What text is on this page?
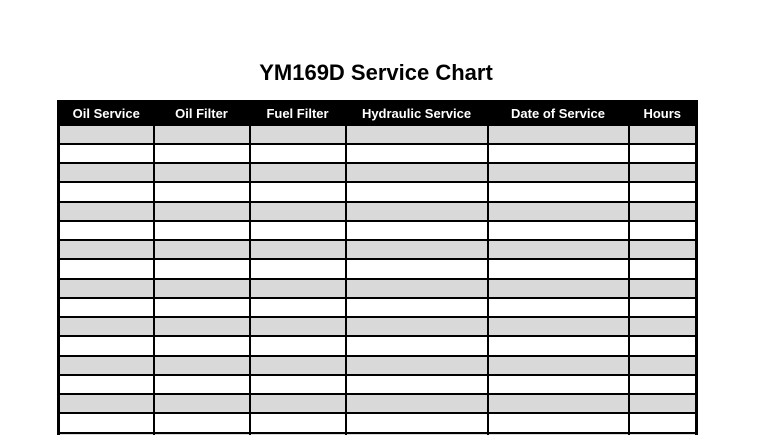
YM169D Service Chart
Oil Service	Oil Filter	Fuel Filter	Hydraulic Service	Date of Service	Hours
